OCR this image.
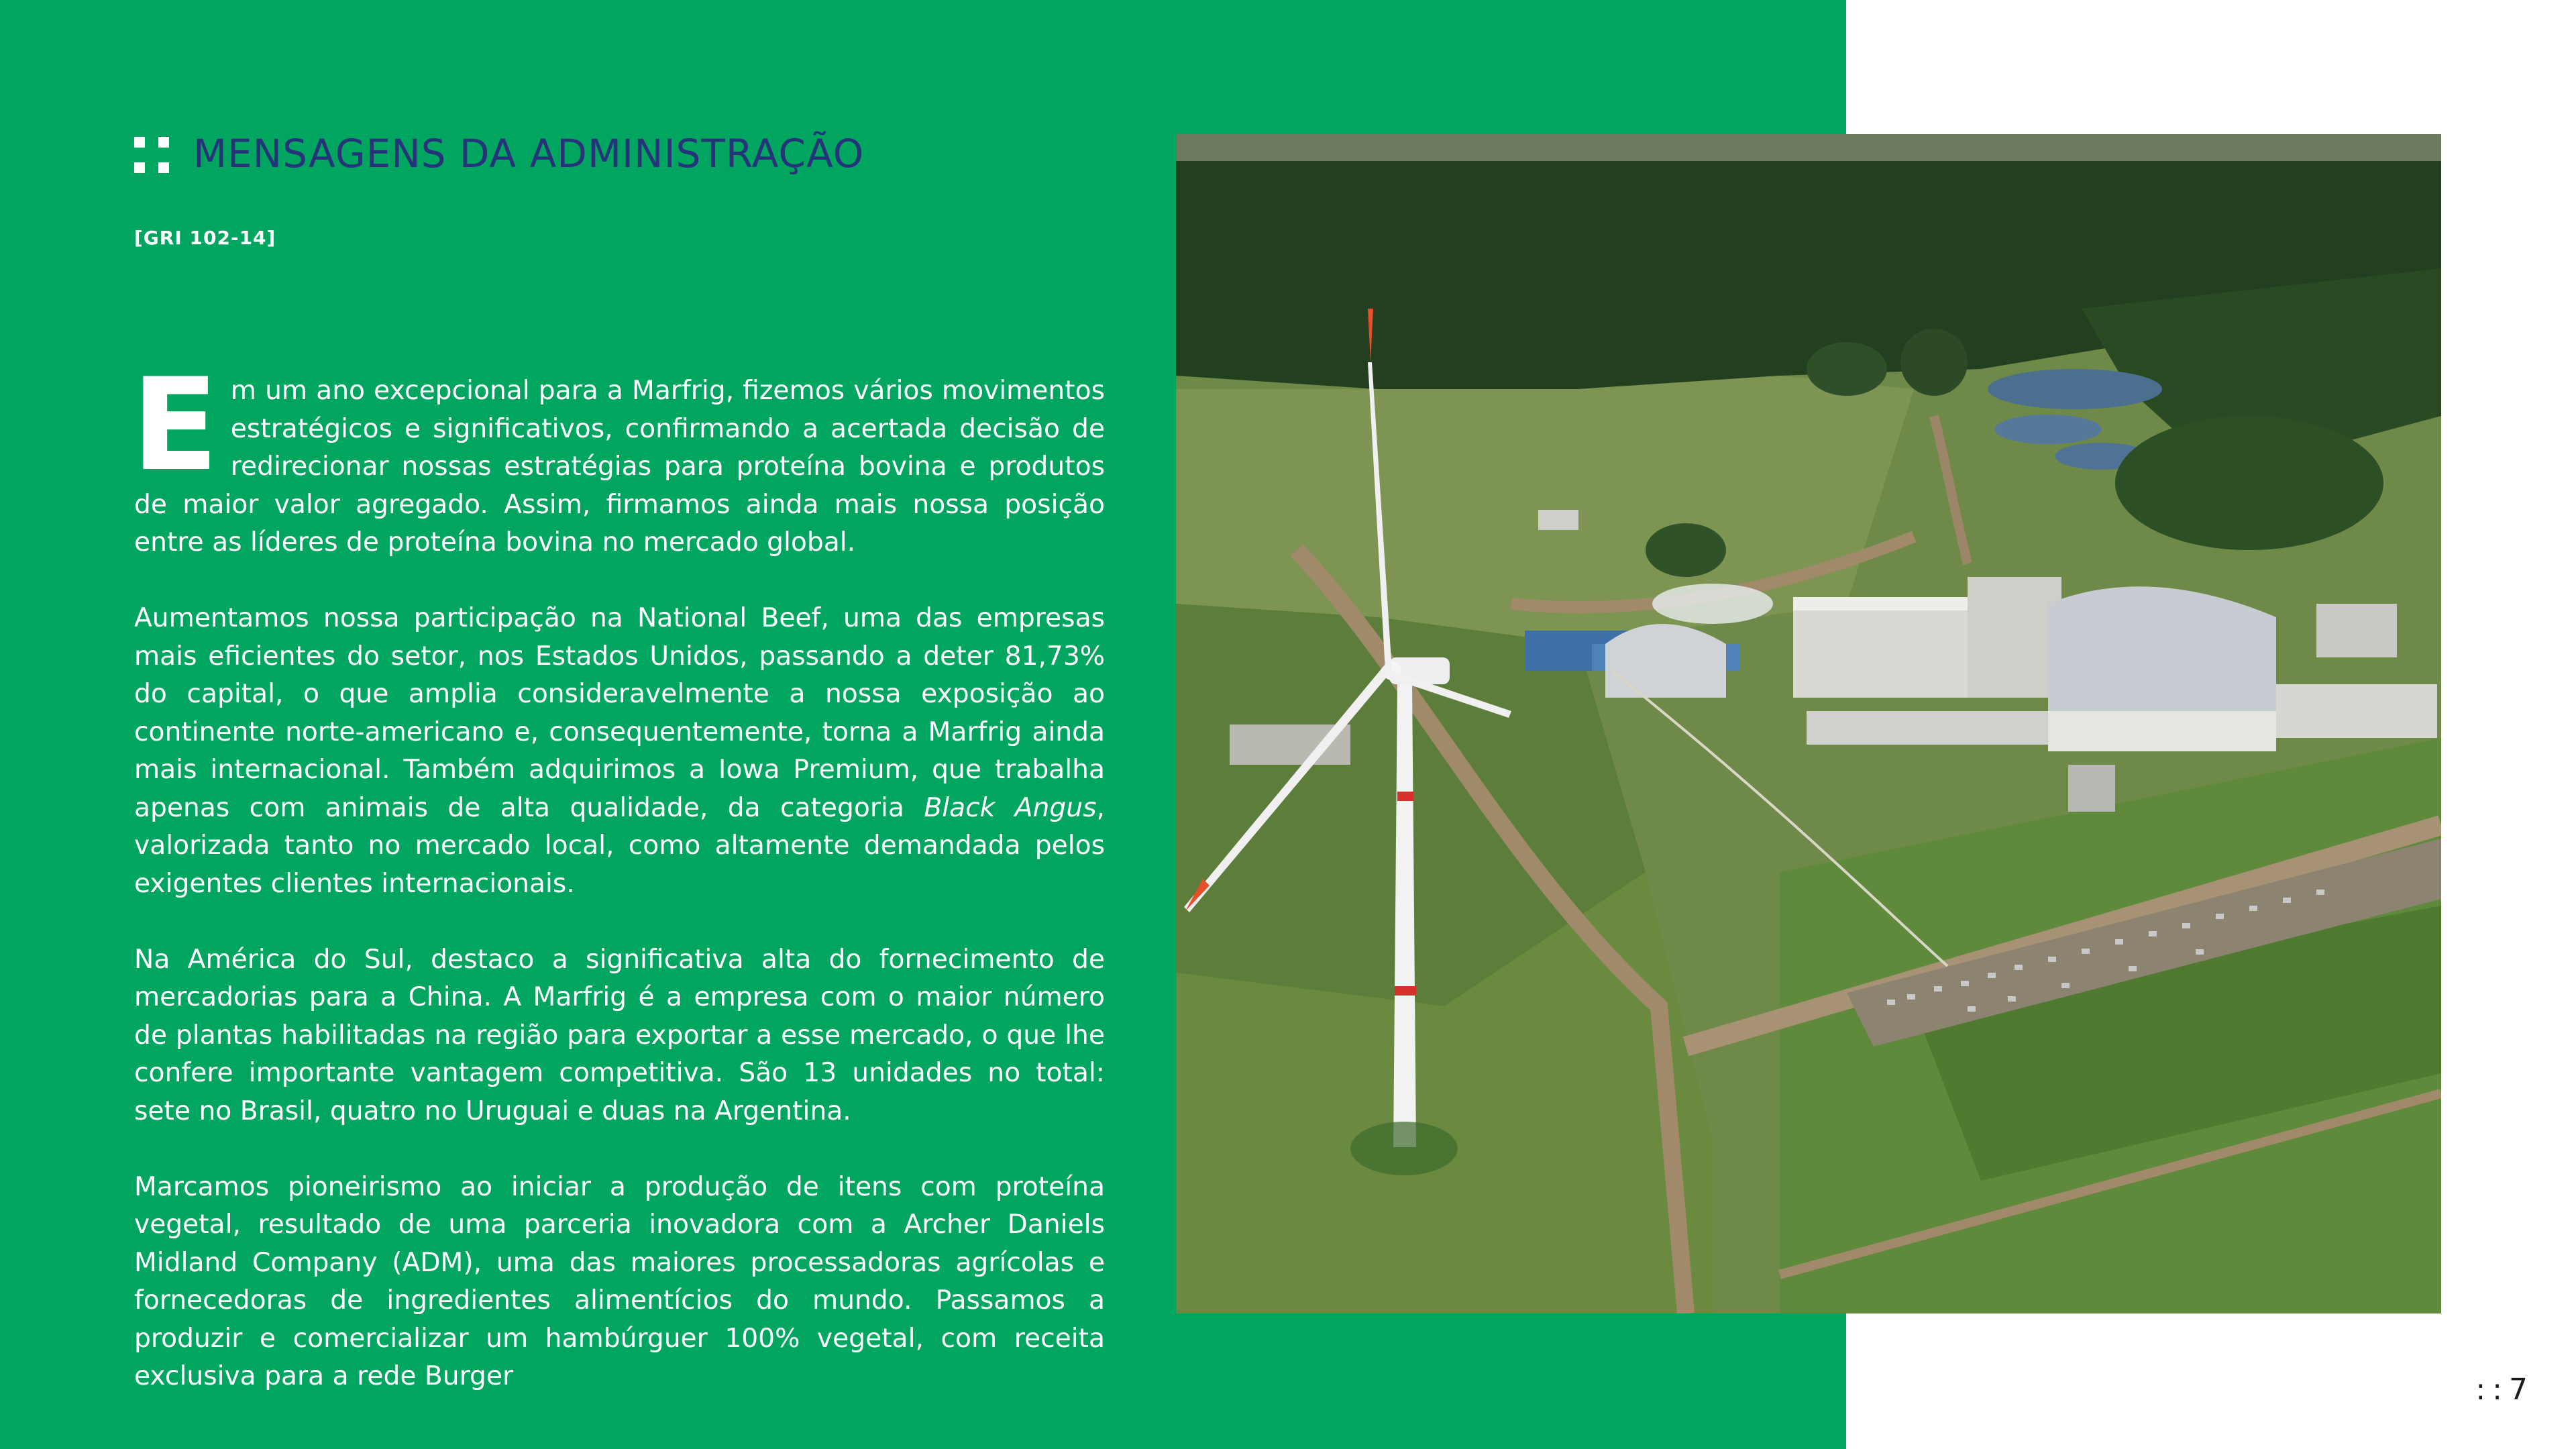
MENSAGENS DA ADMINISTRAÇÃO
[GRI 102-14]

Em um ano excepcional para a Marfrig, fizemos vários movimentos estratégicos e significativos, confirmando a acertada decisão de redirecionar nossas estratégias para proteína bovina e produtos de maior valor agregado. Assim, firmamos ainda mais nossa posição entre as líderes de proteína bovina no mercado global.

Aumentamos nossa participação na National Beef, uma das empresas mais eficientes do setor, nos Estados Unidos, passando a deter 81,73% do capital, o que amplia consideravelmente a nossa exposição ao continente norte-americano e, consequentemente, torna a Marfrig ainda mais internacional. Também adquirimos a Iowa Premium, que trabalha apenas com animais de alta qualidade, da categoria Black Angus, valorizada tanto no mercado local, como altamente demandada pelos exigentes clientes internacionais.

Na América do Sul, destaco a significativa alta do fornecimento de mercadorias para a China. A Marfrig é a empresa com o maior número de plantas habilitadas na região para exportar a esse mercado, o que lhe confere importante vantagem competitiva. São 13 unidades no total: sete no Brasil, quatro no Uruguai e duas na Argentina.

Marcamos pioneirismo ao iniciar a produção de itens com proteína vegetal, resultado de uma parceria inovadora com a Archer Daniels Midland Company (ADM), uma das maiores processadoras agrícolas e fornecedoras de ingredientes alimentícios do mundo. Passamos a produzir e comercializar um hambúrguer 100% vegetal, com receita exclusiva para a rede Burger	::7
